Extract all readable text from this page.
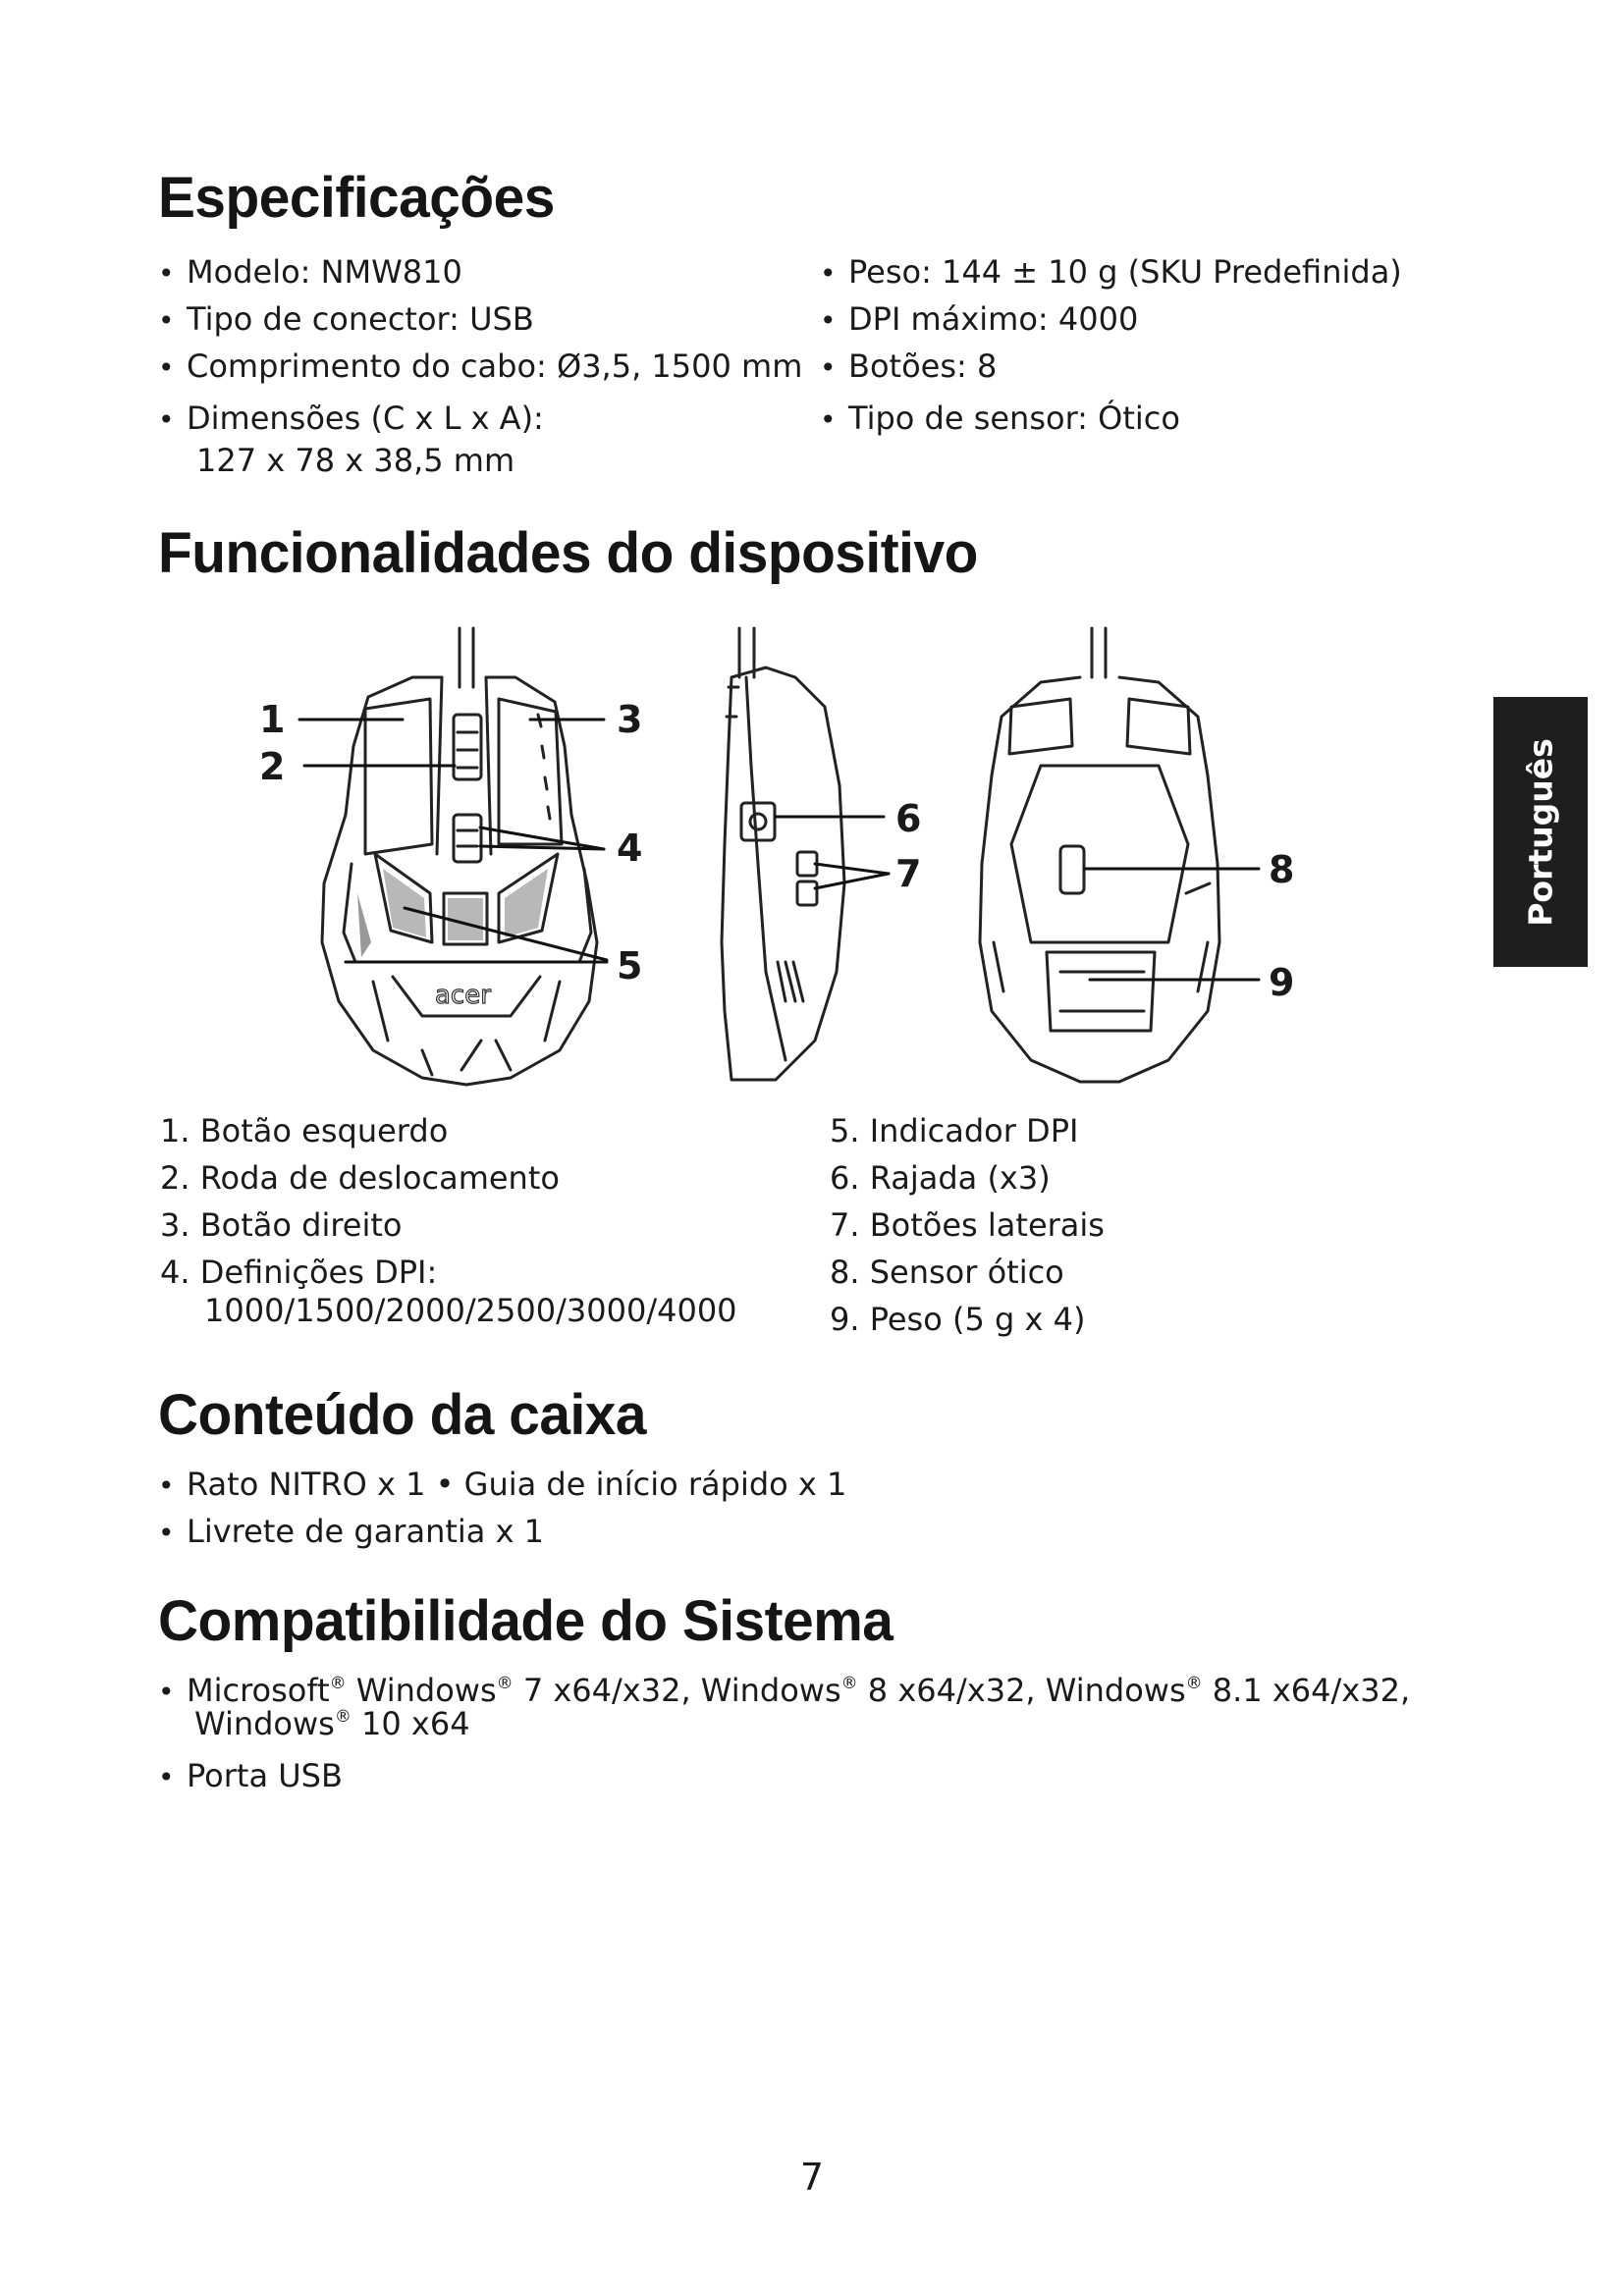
Português
Especificações
• Modelo: NMW810
• Tipo de conector: USB
• Comprimento do cabo: Ø3,5, 1500 mm
• Dimensões (C x L x A):
127 x 78 x 38,5 mm
• Peso: 144 ± 10 g (SKU Predefinida)
• DPI máximo: 4000
• Botões: 8
• Tipo de sensor: Ótico
Funcionalidades do dispositivo
acer
1
2
3
4
5
6
7	8
9
1. Botão esquerdo
2. Roda de deslocamento
3. Botão direito
4. Definições DPI:
1000/1500/2000/2500/3000/4000
5. Indicador DPI
6. Rajada (x3)
7. Botões laterais
8. Sensor ótico
9. Peso (5 g x 4)
Conteúdo da caixa
• Rato NITRO x 1 • Guia de início rápido x 1
• Livrete de garantia x 1
Compatibilidade do Sistema
• Microsoft® Windows® 7 x64/x32, Windows® 8 x64/x32, Windows® 8.1 x64/x32,
Windows® 10 x64
• Porta USB
7
